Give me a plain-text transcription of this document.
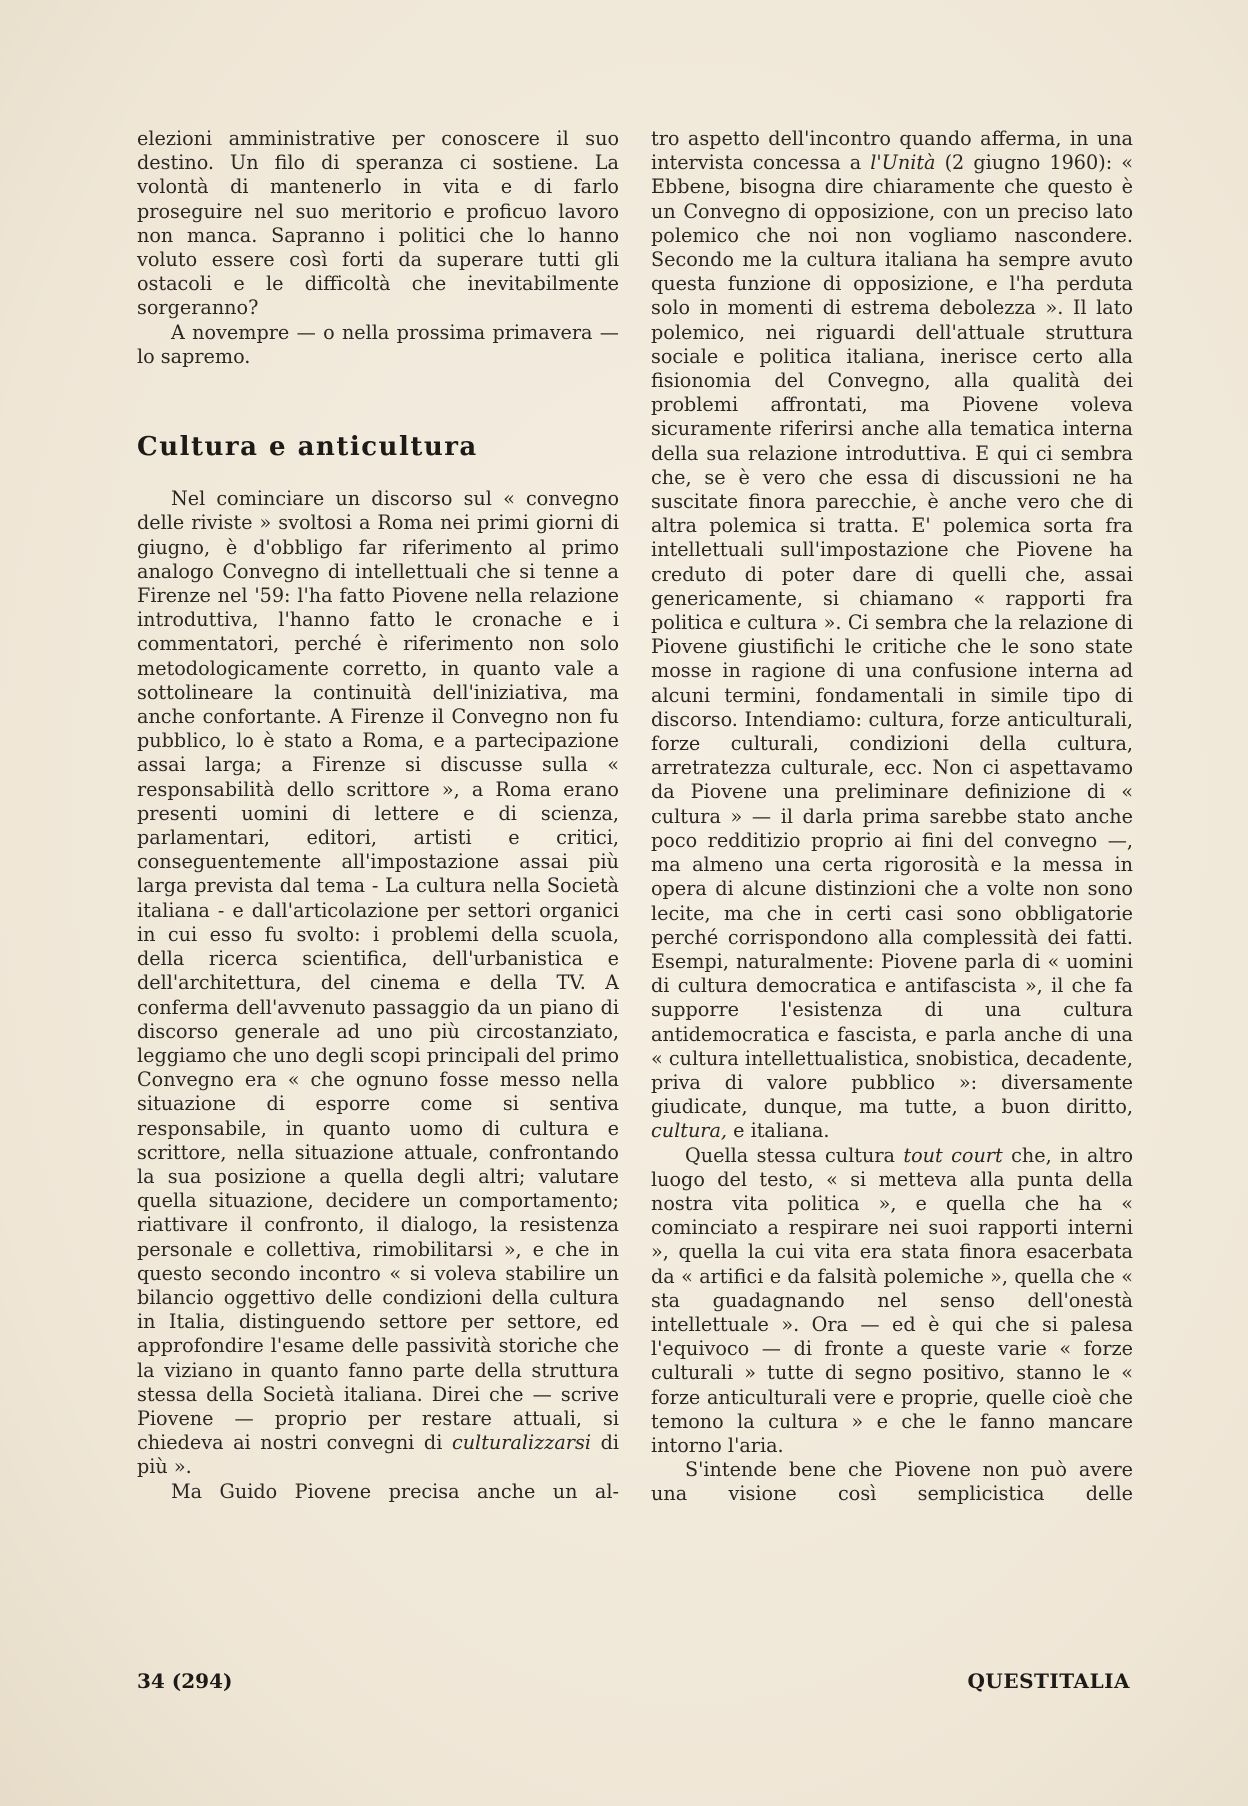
elezioni amministrative per conoscere il suo destino. Un filo di speranza ci sostiene. La volontà di mantenerlo in vita e di farlo proseguire nel suo meritorio e proficuo lavoro non manca. Sapranno i politici che lo hanno voluto essere così forti da superare tutti gli ostacoli e le difficoltà che inevitabilmente sorgeranno?

A novempre — o nella prossima primavera — lo sapremo.

Cultura e anticultura

Nel cominciare un discorso sul « convegno delle riviste » svoltosi a Roma nei primi giorni di giugno, è d'obbligo far riferimento al primo analogo Convegno di intellettuali che si tenne a Firenze nel '59: l'ha fatto Piovene nella relazione introduttiva, l'hanno fatto le cronache e i commentatori, perché è riferimento non solo metodologicamente corretto, in quanto vale a sottolineare la continuità dell'iniziativa, ma anche confortante. A Firenze il Convegno non fu pubblico, lo è stato a Roma, e a partecipazione assai larga; a Firenze si discusse sulla « responsabilità dello scrittore », a Roma erano presenti uomini di lettere e di scienza, parlamentari, editori, artisti e critici, conseguentemente all'impostazione assai più larga prevista dal tema - La cultura nella Società italiana - e dall'articolazione per settori organici in cui esso fu svolto: i problemi della scuola, della ricerca scientifica, dell'urbanistica e dell'architettura, del cinema e della TV. A conferma dell'avvenuto passaggio da un piano di discorso generale ad uno più circostanziato, leggiamo che uno degli scopi principali del primo Convegno era « che ognuno fosse messo nella situazione di esporre come si sentiva responsabile, in quanto uomo di cultura e scrittore, nella situazione attuale, confrontando la sua posizione a quella degli altri; valutare quella situazione, decidere un comportamento; riattivare il confronto, il dialogo, la resistenza personale e collettiva, rimobilitarsi », e che in questo secondo incontro « si voleva stabilire un bilancio oggettivo delle condizioni della cultura in Italia, distinguendo settore per settore, ed approfondire l'esame delle passività storiche che la viziano in quanto fanno parte della struttura stessa della Società italiana. Direi che — scrive Piovene — proprio per restare attuali, si chiedeva ai nostri convegni di culturalizzarsi di più ».

Ma Guido Piovene precisa anche un al-

tro aspetto dell'incontro quando afferma, in una intervista concessa a l'Unità (2 giugno 1960): « Ebbene, bisogna dire chiaramente che questo è un Convegno di opposizione, con un preciso lato polemico che noi non vogliamo nascondere. Secondo me la cultura italiana ha sempre avuto questa funzione di opposizione, e l'ha perduta solo in momenti di estrema debolezza ». Il lato polemico, nei riguardi dell'attuale struttura sociale e politica italiana, inerisce certo alla fisionomia del Convegno, alla qualità dei problemi affrontati, ma Piovene voleva sicuramente riferirsi anche alla tematica interna della sua relazione introduttiva. E qui ci sembra che, se è vero che essa di discussioni ne ha suscitate finora parecchie, è anche vero che di altra polemica si tratta. E' polemica sorta fra intellettuali sull'impostazione che Piovene ha creduto di poter dare di quelli che, assai genericamente, si chiamano « rapporti fra politica e cultura ». Ci sembra che la relazione di Piovene giustifichi le critiche che le sono state mosse in ragione di una confusione interna ad alcuni termini, fondamentali in simile tipo di discorso. Intendiamo: cultura, forze anticulturali, forze culturali, condizioni della cultura, arretratezza culturale, ecc. Non ci aspettavamo da Piovene una preliminare definizione di « cultura » — il darla prima sarebbe stato anche poco redditizio proprio ai fini del convegno —, ma almeno una certa rigorosità e la messa in opera di alcune distinzioni che a volte non sono lecite, ma che in certi casi sono obbligatorie perché corrispondono alla complessità dei fatti. Esempi, naturalmente: Piovene parla di « uomini di cultura democratica e antifascista », il che fa supporre l'esistenza di una cultura antidemocratica e fascista, e parla anche di una « cultura intellettualistica, snobistica, decadente, priva di valore pubblico »: diversamente giudicate, dunque, ma tutte, a buon diritto, cultura, e italiana.

Quella stessa cultura tout court che, in altro luogo del testo, « si metteva alla punta della nostra vita politica », e quella che ha « cominciato a respirare nei suoi rapporti interni », quella la cui vita era stata finora esacerbata da « artifici e da falsità polemiche », quella che « sta guadagnando nel senso dell'onestà intellettuale ». Ora — ed è qui che si palesa l'equivoco — di fronte a queste varie « forze culturali » tutte di segno positivo, stanno le « forze anticulturali vere e proprie, quelle cioè che temono la cultura » e che le fanno mancare intorno l'aria.

S'intende bene che Piovene non può avere una visione così semplicistica delle

34 (294)	QUESTITALIA
